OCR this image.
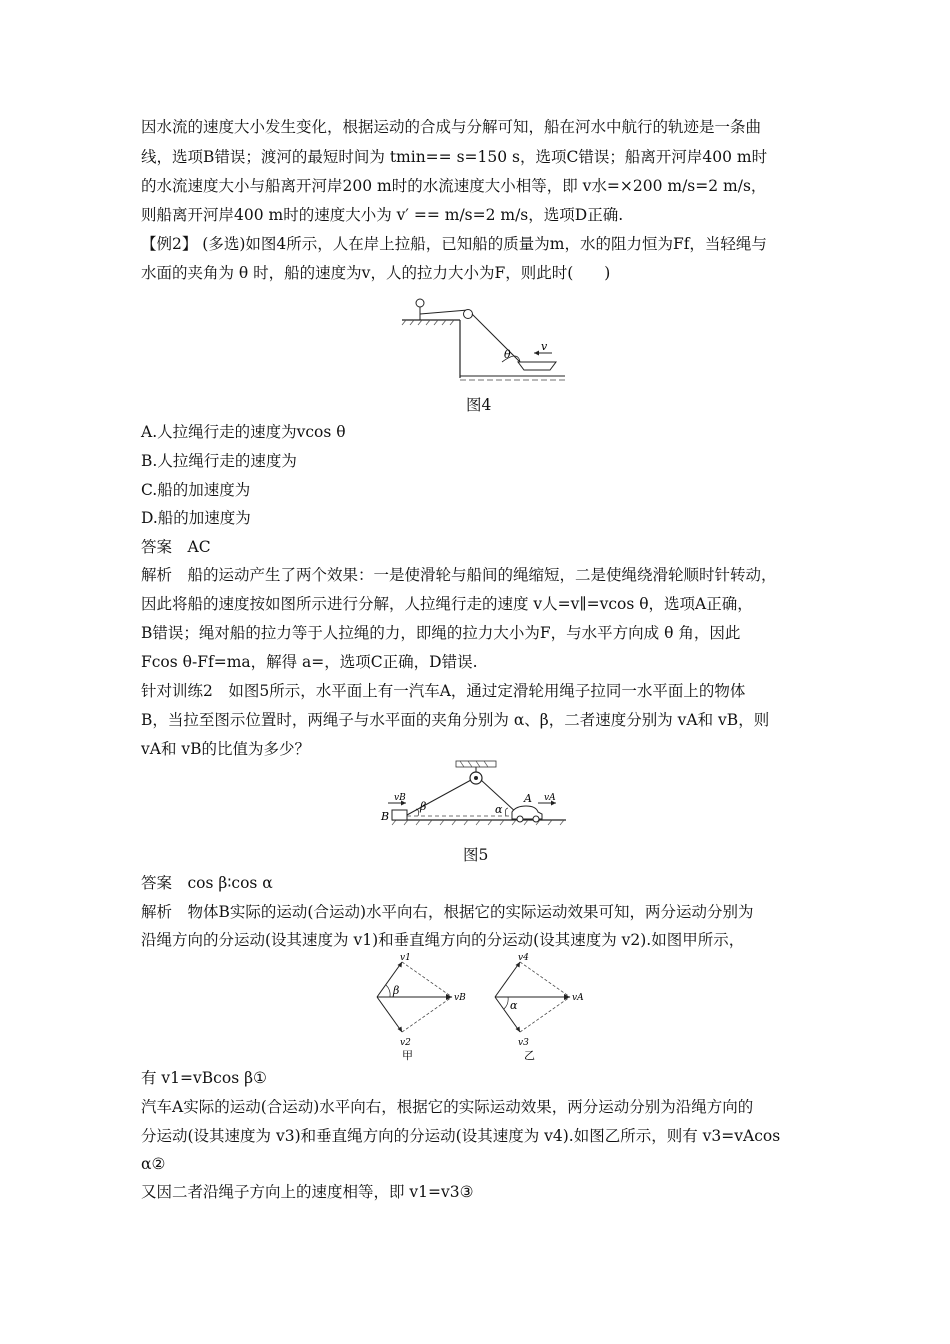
因水流的速度大小发生变化，根据运动的合成与分解可知，船在河水中航行的轨迹是一条曲
线，选项B错误；渡河的最短时间为 tmin== s=150 s，选项C错误；船离开河岸400 m时
的水流速度大小与船离开河岸200 m时的水流速度大小相等，即 v水=×200 m/s=2 m/s，
则船离开河岸400 m时的速度大小为 v′ == m/s=2 m/s，选项D正确.
【例2】 (多选)如图4所示，人在岸上拉船，已知船的质量为m，水的阻力恒为Ff，当轻绳与
水面的夹角为 θ 时，船的速度为v，人的拉力大小为F，则此时(　　)
θ
v
图4
A.人拉绳行走的速度为vcos θ
B.人拉绳行走的速度为
C.船的加速度为
D.船的加速度为
答案　AC
解析　船的运动产生了两个效果：一是使滑轮与船间的绳缩短，二是使绳绕滑轮顺时针转动，
因此将船的速度按如图所示进行分解，人拉绳行走的速度 v人=v∥=vcos θ，选项A正确，
B错误；绳对船的拉力等于人拉绳的力，即绳的拉力大小为F，与水平方向成 θ 角，因此
Fcos θ-Ff=ma，解得 a=，选项C正确，D错误.
针对训练2　如图5所示，水平面上有一汽车A，通过定滑轮用绳子拉同一水平面上的物体
B，当拉至图示位置时，两绳子与水平面的夹角分别为 α、β，二者速度分别为 vA和 vB，则
vA和 vB的比值为多少？
B
β	α
A vA
vB
图5
答案　cos β∶cos α
解析　物体B实际的运动(合运动)水平向右，根据它的实际运动效果可知，两分运动分别为
沿绳方向的分运动(设其速度为 v1)和垂直绳方向的分运动(设其速度为 v2).如图甲所示，
β
v1
vB
v2
甲
α
v4
vA
v3
乙
有 v1=vBcos β①
汽车A实际的运动(合运动)水平向右，根据它的实际运动效果，两分运动分别为沿绳方向的
分运动(设其速度为 v3)和垂直绳方向的分运动(设其速度为 v4).如图乙所示，则有 v3=vAcos
α②
又因二者沿绳子方向上的速度相等，即 v1=v3③
